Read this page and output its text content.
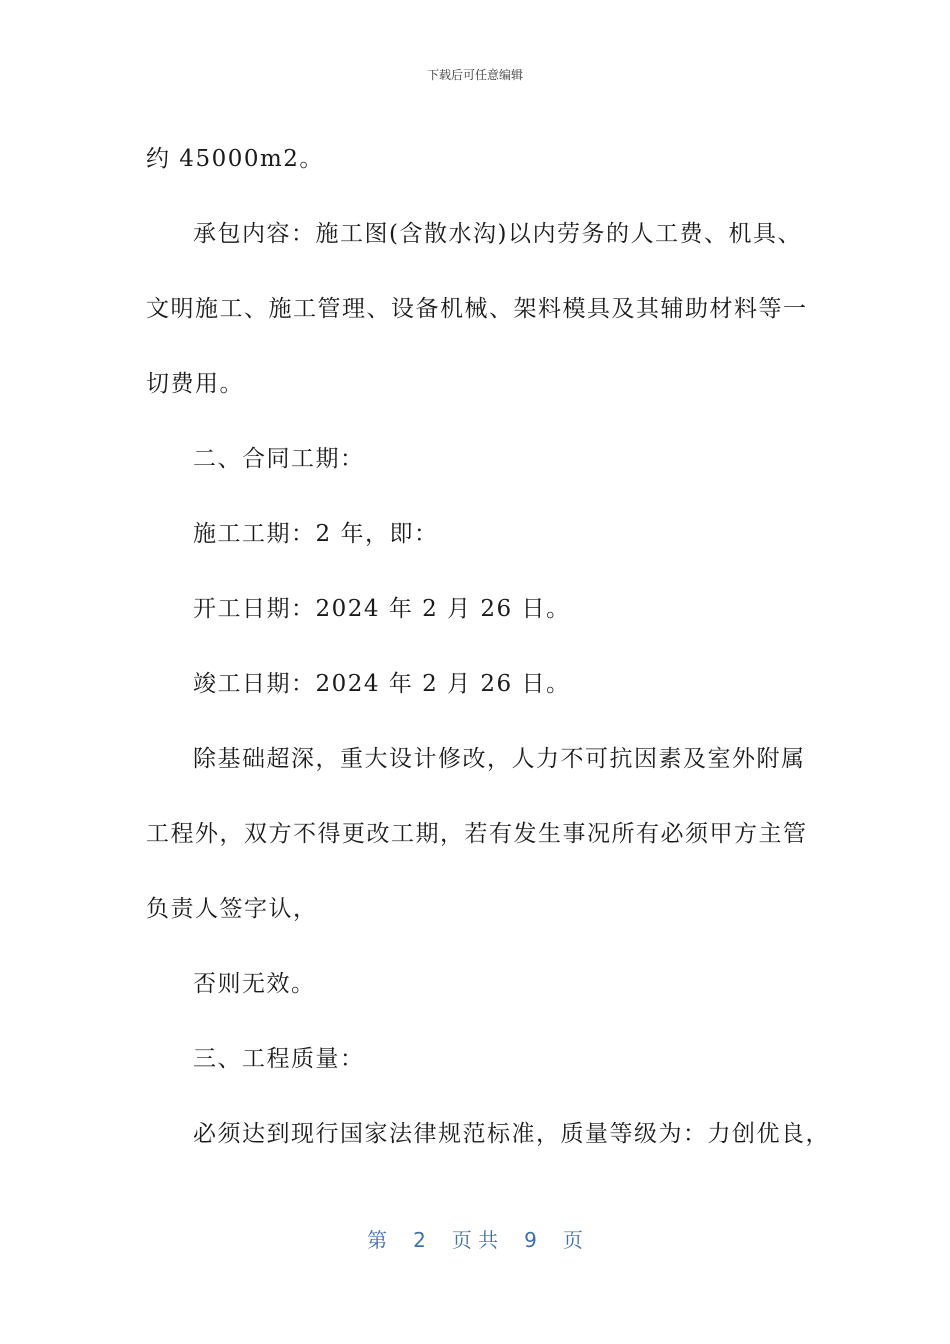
下载后可任意编辑
约 45000m2。
承包内容：施工图(含散水沟)以内劳务的人工费、机具、
文明施工、施工管理、设备机械、架料模具及其辅助材料等一
切费用。
二、合同工期：
施工工期：2 年，即：
开工日期：2024 年 2 月 26 日。
竣工日期：2024 年 2 月 26 日。
除基础超深，重大设计修改，人力不可抗因素及室外附属
工程外，双方不得更改工期，若有发生事况所有必须甲方主管
负责人签字认，
否则无效。
三、工程质量：
必须达到现行国家法律规范标准，质量等级为：力创优良，
第 2 页 共 9 页
